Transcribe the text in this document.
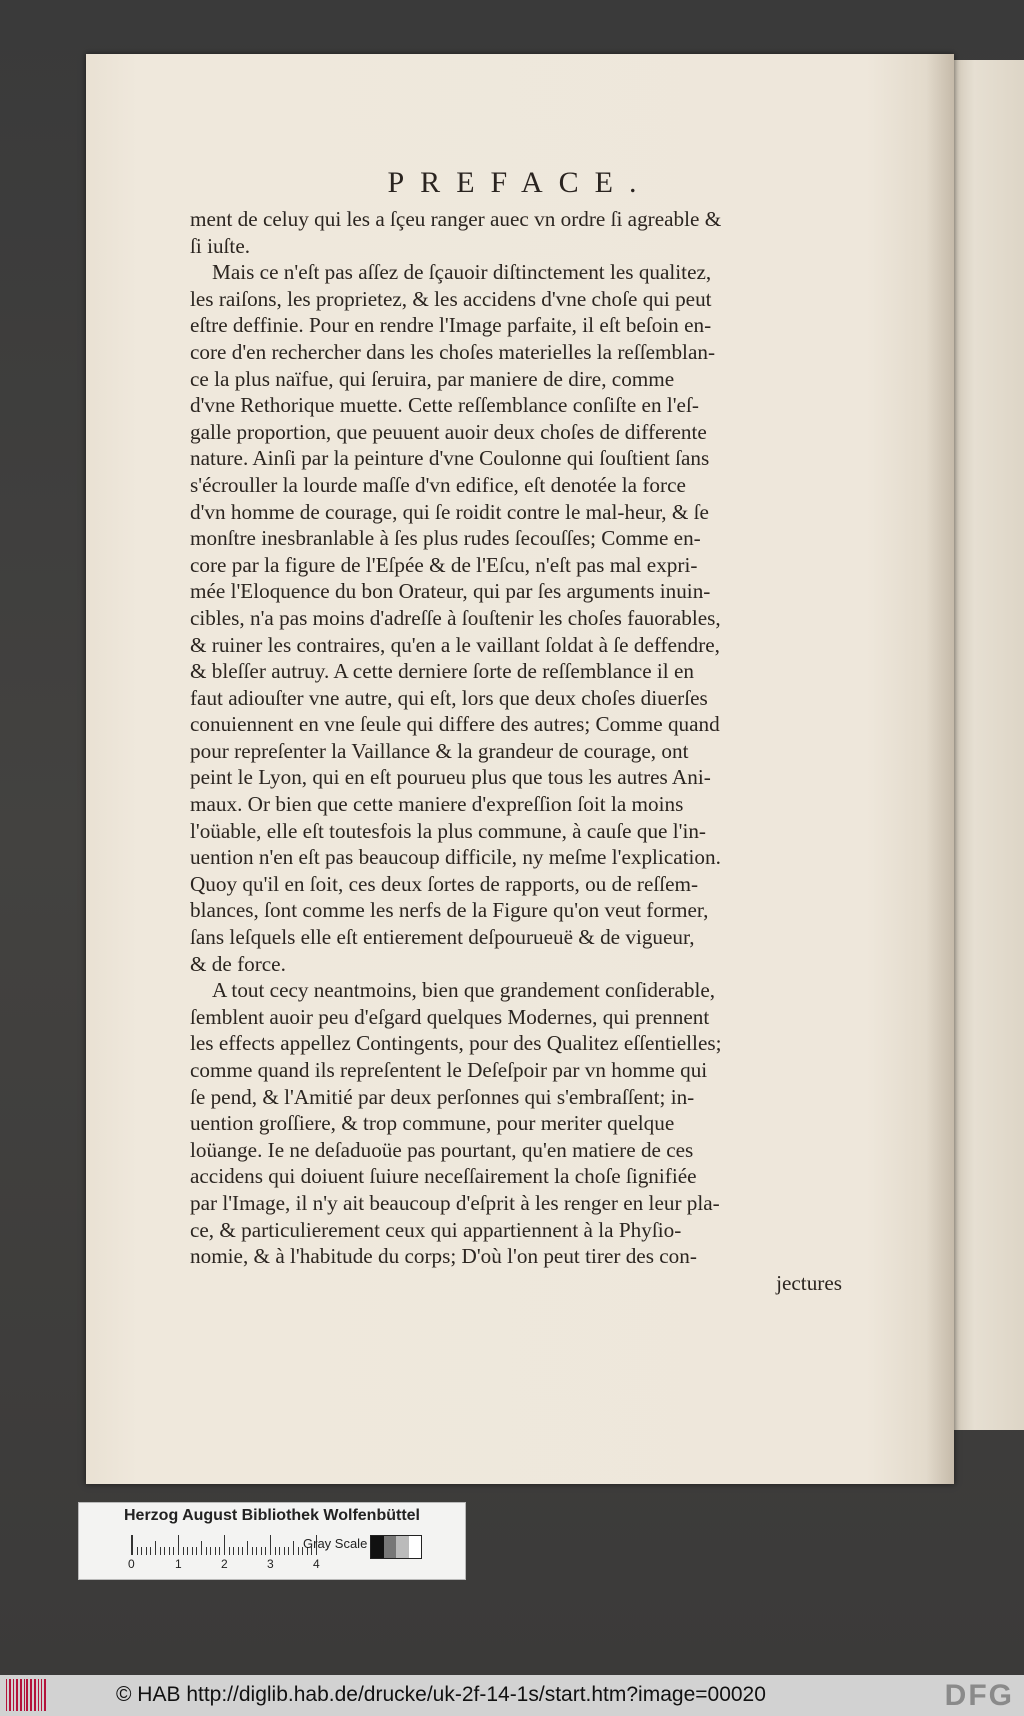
PREFACE.
ment de celuy qui les a ſçeu ranger auec vn ordre ſi agreable &
ſi iuſte.
Mais ce n'eſt pas aſſez de ſçauoir diſtinctement les qualitez,
les raiſons, les proprietez, & les accidens d'vne choſe qui peut
eſtre deffinie. Pour en rendre l'Image parfaite, il eſt beſoin en-
core d'en rechercher dans les choſes materielles la reſſemblan-
ce la plus naïfue, qui ſeruira, par maniere de dire, comme
d'vne Rethorique muette. Cette reſſemblance conſiſte en l'eſ-
galle proportion, que peuuent auoir deux choſes de differente
nature. Ainſi par la peinture d'vne Coulonne qui ſouſtient ſans
s'écrouller la lourde maſſe d'vn edifice, eſt denotée la force
d'vn homme de courage, qui ſe roidit contre le mal-heur, & ſe
monſtre inesbranlable à ſes plus rudes ſecouſſes; Comme en-
core par la figure de l'Eſpée & de l'Eſcu, n'eſt pas mal expri-
mée l'Eloquence du bon Orateur, qui par ſes arguments inuin-
cibles, n'a pas moins d'adreſſe à ſouſtenir les choſes fauorables,
& ruiner les contraires, qu'en a le vaillant ſoldat à ſe deffendre,
& bleſſer autruy. A cette derniere ſorte de reſſemblance il en
faut adiouſter vne autre, qui eſt, lors que deux choſes diuerſes
conuiennent en vne ſeule qui differe des autres; Comme quand
pour repreſenter la Vaillance & la grandeur de courage, ont
peint le Lyon, qui en eſt pourueu plus que tous les autres Ani-
maux. Or bien que cette maniere d'expreſſion ſoit la moins
l'oüable, elle eſt toutesfois la plus commune, à cauſe que l'in-
uention n'en eſt pas beaucoup difficile, ny meſme l'explication.
Quoy qu'il en ſoit, ces deux ſortes de rapports, ou de reſſem-
blances, ſont comme les nerfs de la Figure qu'on veut former,
ſans leſquels elle eſt entierement deſpourueuë & de vigueur,
& de force.
A tout cecy neantmoins, bien que grandement conſiderable,
ſemblent auoir peu d'eſgard quelques Modernes, qui prennent
les effects appellez Contingents, pour des Qualitez eſſentielles;
comme quand ils repreſentent le Deſeſpoir par vn homme qui
ſe pend, & l'Amitié par deux perſonnes qui s'embraſſent; in-
uention groſſiere, & trop commune, pour meriter quelque
loüange. Ie ne deſaduoüe pas pourtant, qu'en matiere de ces
accidens qui doiuent ſuiure neceſſairement la choſe ſignifiée
par l'Image, il n'y ait beaucoup d'eſprit à les renger en leur pla-
ce, & particulierement ceux qui appartiennent à la Phyſio-
nomie, & à l'habitude du corps; D'où l'on peut tirer des con-
jectures
Herzog August Bibliothek Wolfenbüttel
0	1	2	3	4
Gray Scale
© HAB http://diglib.hab.de/drucke/uk-2f-14-1s/start.htm?image=00020	DFG
